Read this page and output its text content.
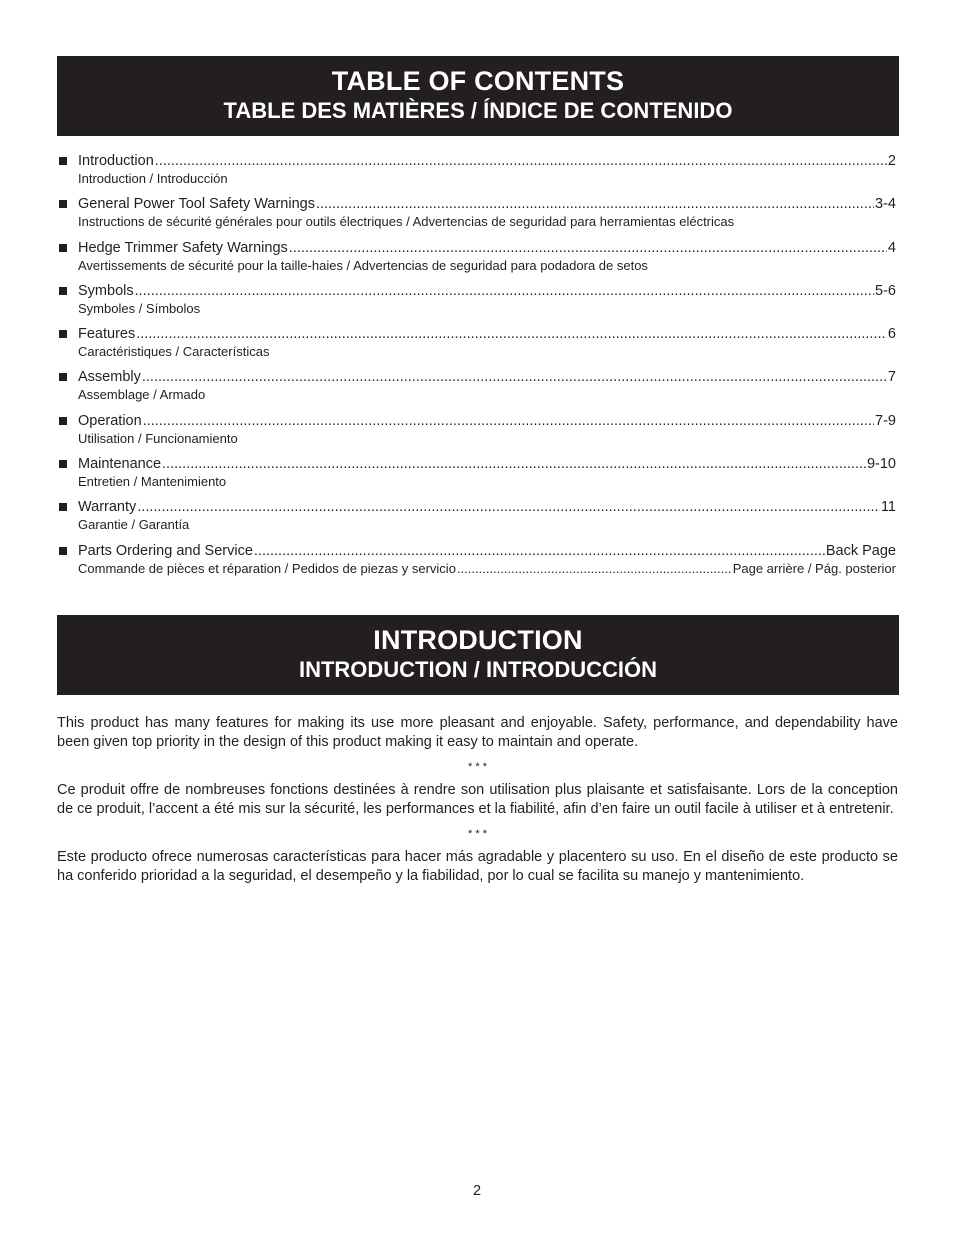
TABLE OF CONTENTS
TABLE DES MATIÈRES / ÍNDICE DE CONTENIDO
Introduction .....	2
Introduction / Introducción
General Power Tool Safety Warnings .....	3-4
Instructions de sécurité générales pour outils électriques / Advertencias de seguridad para herramientas eléctricas
Hedge Trimmer Safety Warnings .....	4
Avertissements de sécurité pour la taille-haies / Advertencias de seguridad para podadora de setos
Symbols .....	5-6
Symboles / Símbolos
Features .....	6
Caractéristiques / Características
Assembly .....	7
Assemblage / Armado
Operation .....	7-9
Utilisation / Funcionamiento
Maintenance .....	9-10
Entretien / Mantenimiento
Warranty .....	11
Garantie / Garantía
Parts Ordering and Service .....	Back Page
Commande de pièces et réparation / Pedidos de piezas y servicio .....	Page arrière / Pág. posterior
INTRODUCTION
INTRODUCTION / INTRODUCCIÓN

This product has many features for making its use more pleasant and enjoyable. Safety, performance, and dependability have been given top priority in the design of this product making it easy to maintain and operate.

* * *

Ce produit offre de nombreuses fonctions destinées à rendre son utilisation plus plaisante et satisfaisante. Lors de la conception de ce produit, l’accent a été mis sur la sécurité, les performances et la fiabilité, afin d’en faire un outil facile à utiliser et à entretenir.

* * *

Este producto ofrece numerosas características para hacer más agradable y placentero su uso. En el diseño de este producto se ha conferido prioridad a la seguridad, el desempeño y la fiabilidad, por lo cual se facilita su manejo y mantenimiento.

2
